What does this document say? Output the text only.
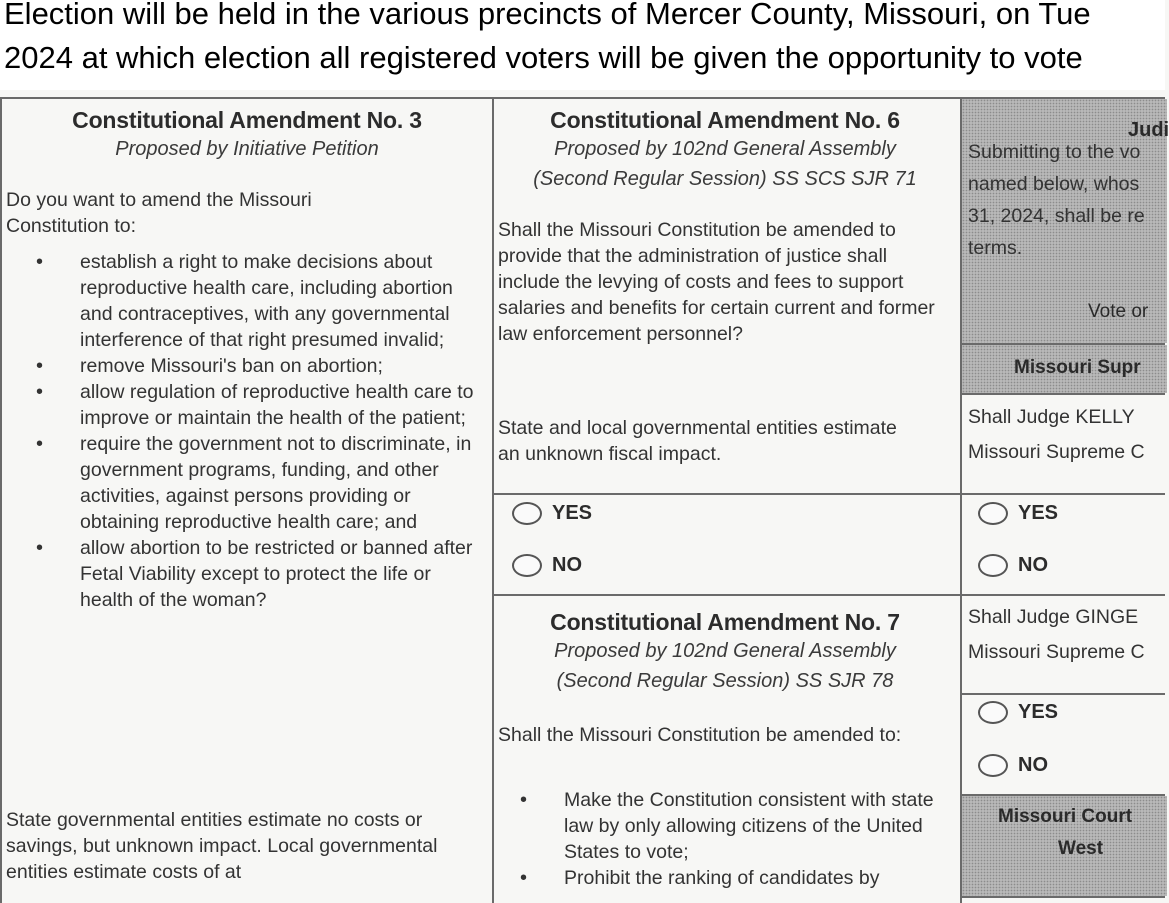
Election will be held in the various precincts of Mercer County, Missouri, on Tue
2024 at which election all registered voters will be given the opportunity to vote
Constitutional Amendment No. 3
Proposed by Initiative Petition
Do you want to amend the Missouri Constitution to:
• establish a right to make decisions about reproductive health care, including abortion and contraceptives, with any governmental interference of that right presumed invalid;
• remove Missouri's ban on abortion;
• allow regulation of reproductive health care to improve or maintain the health of the patient;
• require the government not to discriminate, in government programs, funding, and other activities, against persons providing or obtaining reproductive health care; and
• allow abortion to be restricted or banned after Fetal Viability except to protect the life or health of the woman?
State governmental entities estimate no costs or savings, but unknown impact. Local governmental entities estimate costs of at
Constitutional Amendment No. 6
Proposed by 102nd General Assembly
(Second Regular Session) SS SCS SJR 71
Shall the Missouri Constitution be amended to provide that the administration of justice shall include the levying of costs and fees to support salaries and benefits for certain current and former law enforcement personnel?
State and local governmental entities estimate an unknown fiscal impact.
YES
NO
Constitutional Amendment No. 7
Proposed by 102nd General Assembly
(Second Regular Session) SS SJR 78
Shall the Missouri Constitution be amended to:
• Make the Constitution consistent with state law by only allowing citizens of the United States to vote;
• Prohibit the ranking of candidates by
Judi
Submitting to the vo
named below, whos
31, 2024, shall be re
terms.
Vote or
Missouri Supr
Shall Judge KELLY
Missouri Supreme C
YES
NO
Shall Judge GINGE
Missouri Supreme C
YES
NO
Missouri Court
West
